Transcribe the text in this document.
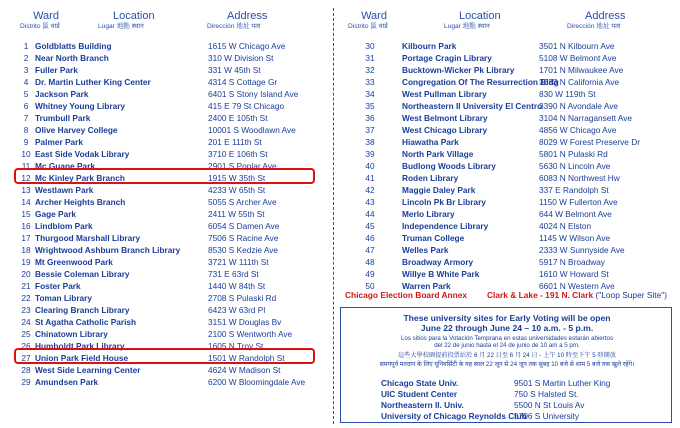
Ward
Distrito 區 वार्ड
Location
Lugar 地點 स्थान
Address
Dirección 地址 पता
Ward
Distrito 區 वार्ड
Location
Lugar 地點 स्थान
Address
Dirección 地址 पता
1 Goldblatts Building	1615 W Chicago Ave
2 Near North Branch	310 W Division St
3 Fuller Park	331 W 45th St
4 Dr. Martin Luther King Center	4314 S Cottage Gr
5 Jackson Park	6401 S Stony Island Ave
6 Whitney Young Library	415 E 79 St Chicago
7 Trumbull Park	2400 E 105th St
8 Olive Harvey College	10001 S Woodlawn Ave
9 Palmer Park	201 E 111th St
10 East Side Vodak Library	3710 E 106th St
11 Mc Guane Park	2901 S Poplar Ave
12 Mc Kinley Park Branch	1915 W 35th St
13 Westlawn Park	4233 W 65th St
14 Archer Heights Branch	5055 S Archer Ave
15 Gage Park	2411 W 55th St
16 Lindblom Park	6054 S Damen Ave
17 Thurgood Marshall Library	7506 S Racine Ave
18 Wrightwood Ashburn Branch Library	8530 S Kedzie Ave
19 Mt Greenwood Park	3721 W 111th St
20 Bessie Coleman Library	731 E 63rd St
21 Foster Park	1440 W 84th St
22 Toman Library	2708 S Pulaski Rd
23 Clearing Branch Library	6423 W 63rd Pl
24 St Agatha Catholic Parish	3151 W Douglas Bv
25 Chinatown Library	2100 S Wentworth Ave
26 Humboldt Park Library	1605 N Troy St
27 Union Park Field House	1501 W Randolph St
28 West Side Learning Center	4624 W Madison St
29 Amundsen Park	6200 W Bloomingdale Ave
30	Kilbourn Park	3501 N Kilbourn Ave
31	Portage Cragin Library	5108 W Belmont Ave
32	Bucktown-Wicker Pk Library	1701 N Milwaukee Ave
33	Congregation Of The Resurrection Bldg
3633 N California Ave
34	West Pullman Library	830 W 119th St
35	Northeastern Il University El Centro
3390 N Avondale Ave
36	West Belmont Library	3104 N Narragansett Ave
37	West Chicago Library	4856 W Chicago Ave
38	Hiawatha Park	8029 W Forest Preserve Dr
39	North Park Village	5801 N Pulaski Rd
40	Budlong Woods Library	5630 N Lincoln Ave
41	Roden Library	6083 N Northwest Hw
42	Maggie Daley Park	337 E Randolph St
43	Lincoln Pk Br Library	1150 W Fullerton Ave
44	Merlo Library	644 W Belmont Ave
45	Independence Library	4024 N Elston
46	Truman College	1145 W Wilson Ave
47	Welles Park	2333 W Sunnyside Ave
48	Broadway Armory	5917 N Broadway
49	Willye B White Park	1610 W Howard St
50	Warren Park	6601 N Western Ave
Chicago Election Board Annex Clark & Lake - 191 N. Clark ("Loop Super Site")
These university sites for Early Voting will be open
June 22 through June 24 – 10 a.m. - 5 p.m.
Los sitios para la Votación Temprana en estas universidades estarán abiertos
del 22 de junio hasta el 24 de junio de 10 am a 5 pm.
這些大學校園提前投票站於 6 月 22 日至 6 月 24 日 - 上午 10 時至下午 5 時開放
समयपूर्व मतदान के लिए यूनिवर्सिटी के यह स्थल 22 जून से 24 जून तक सुबह 10 बजे से शाम 5 बजे तक खुले रहेंगे।
Chicago State Univ.	9501 S Martin Luther King
UIC Student Center	750 S Halsted St.
Northeastern Il. Univ.	5500 N St Louis Av
University of Chicago Reynolds Club
5706 S University
